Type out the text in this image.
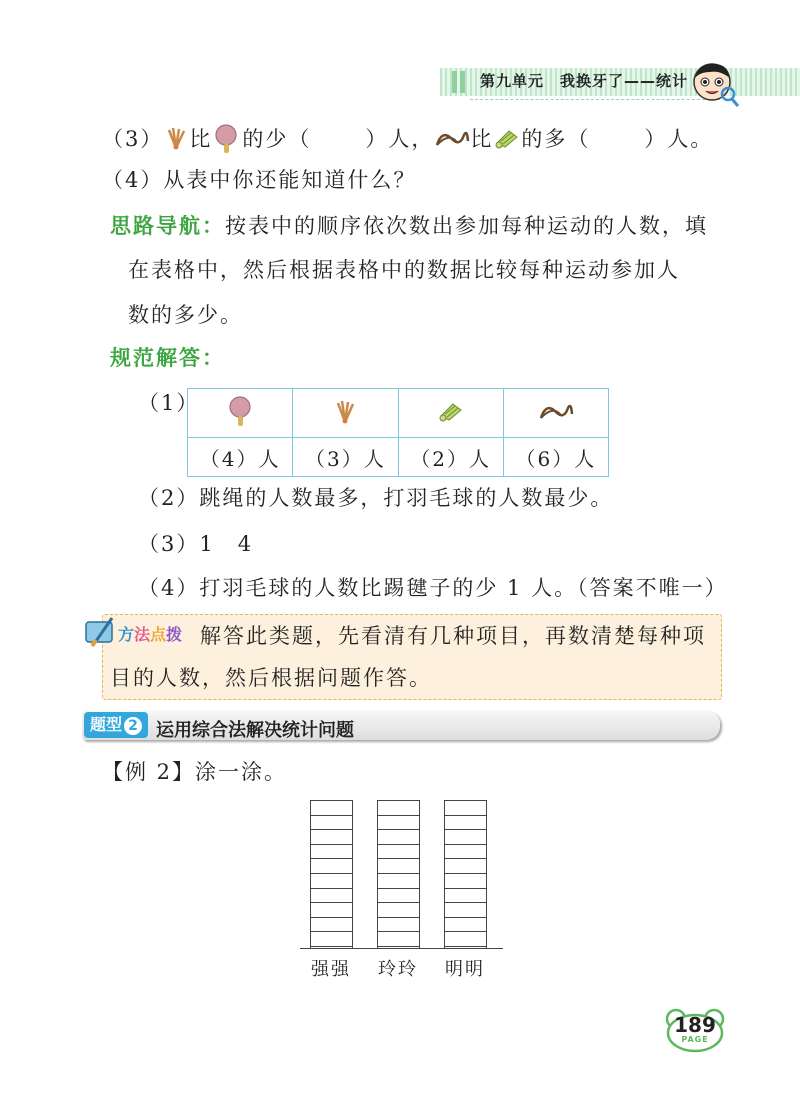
第九单元　 我换牙了——统计
（3） 比 的少（	）人， 比 的多（	）人。
（4）从表中你还能知道什么？
思路导航：按表中的顺序依次数出参加每种运动的人数，填
在表格中，然后根据表格中的数据比较每种运动参加人
数的多少。
规范解答：
（1）

（4）人	（3）人	（2）人	（6）人
（2）跳绳的人数最多，打羽毛球的人数最少。
（3）1　4
（4）打羽毛球的人数比踢毽子的少 1 人。（答案不唯一）
方法点拨 解答此类题，先看清有几种项目，再数清楚每种项
目的人数，然后根据问题作答。
题型 2	运用综合法解决统计问题
【例 2】涂一涂。
强强	玲玲	明明
189
PAGE
